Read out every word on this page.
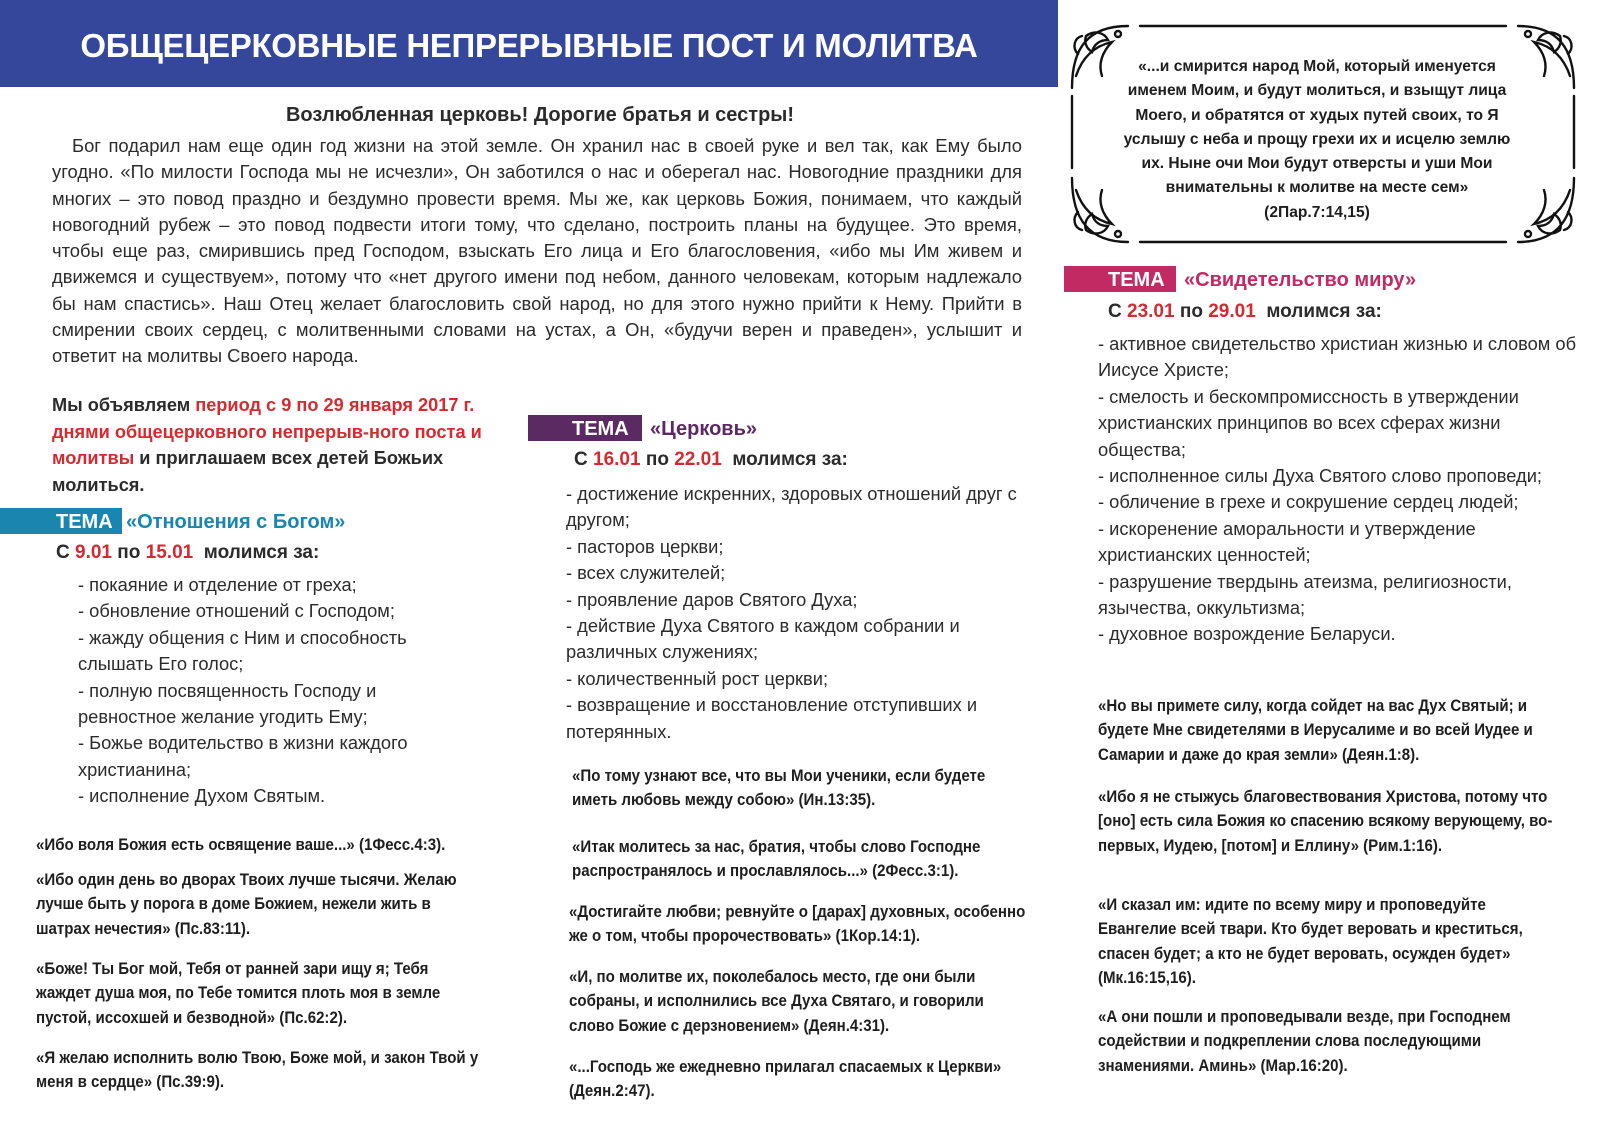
ОБЩЕЦЕРКОВНЫЕ НЕПРЕРЫВНЫЕ ПОСТ И МОЛИТВА
Возлюбленная церковь! Дорогие братья и сестры!

Бог подарил нам еще один год жизни на этой земле. Он хранил нас в своей руке и вел так, как Ему было угодно. «По милости Господа мы не исчезли», Он заботился о нас и оберегал нас. Новогодние праздники для многих – это повод праздно и бездумно провести время. Мы же, как церковь Божия, понимаем, что каждый новогодний рубеж – это повод подвести итоги тому, что сделано, построить планы на будущее. Это время, чтобы еще раз, смирившись пред Господом, взыскать Его лица и Его благословения, «ибо мы Им живем и движемся и существуем», потому что «нет другого имени под небом, данного человекам, которым надлежало бы нам спастись». Наш Отец желает благословить свой народ, но для этого нужно прийти к Нему. Прийти в смирении своих сердец, с молитвенными словами на устах, а Он, «будучи верен и праведен», услышит и ответит на молитвы Своего народа.

Мы объявляем период с 9 по 29 января 2017 г. днями общецерковного непрерыв-ного поста и молитвы и приглашаем всех детей Божьих молиться.
ТЕМА «Отношения с Богом»
С 9.01 по 15.01 молимся за:
- покаяние и отделение от греха;
- обновление отношений с Господом;
- жажду общения с Ним и способность слышать Его голос;
- полную посвященность Господу и ревностное желание угодить Ему;
- Божье водительство в жизни каждого христианина;
- исполнение Духом Святым.
«Ибо воля Божия есть освящение ваше...» (1Фесс.4:3).
«Ибо один день во дворах Твоих лучше тысячи. Желаю лучше быть у порога в доме Божием, нежели жить в шатрах нечестия» (Пс.83:11).
«Боже! Ты Бог мой, Тебя от ранней зари ищу я; Тебя жаждет душа моя, по Тебе томится плоть моя в земле пустой, иссохшей и безводной» (Пс.62:2).
«Я желаю исполнить волю Твою, Боже мой, и закон Твой у меня в сердце» (Пс.39:9).
ТЕМА «Церковь»
С 16.01 по 22.01 молимся за:
- достижение искренних, здоровых отношений друг с другом;
- пасторов церкви;
- всех служителей;
- проявление даров Святого Духа;
- действие Духа Святого в каждом собрании и различных служениях;
- количественный рост церкви;
- возвращение и восстановление отступивших и потерянных.
«По тому узнают все, что вы Мои ученики, если будете иметь любовь между собою» (Ин.13:35).
«Итак молитесь за нас, братия, чтобы слово Господне распространялось и прославлялось...» (2Фесс.3:1).
«Достигайте любви; ревнуйте о [дарах] духовных, особенно же о том, чтобы пророчествовать» (1Кор.14:1).
«И, по молитве их, поколебалось место, где они были собраны, и исполнились все Духа Святаго, и говорили слово Божие с дерзновением» (Деян.4:31).
«...Господь же ежедневно прилагал спасаемых к Церкви» (Деян.2:47).
«...и смирится народ Мой, который именуется именем Моим, и будут молиться, и взыщут лица Моего, и обратятся от худых путей своих, то Я услышу с неба и прощу грехи их и исцелю землю их. Ныне очи Мои будут отверсты и уши Мои внимательны к молитве на месте сем» (2Пар.7:14,15)
ТЕМА «Свидетельство миру»
С 23.01 по 29.01 молимся за:
- активное свидетельство христиан жизнью и словом об Иисусе Христе;
- смелость и бескомпромиссность в утверждении христианских принципов во всех сферах жизни общества;
- исполненное силы Духа Святого слово проповеди;
- обличение в грехе и сокрушение сердец людей;
- искоренение аморальности и утверждение христианских ценностей;
- разрушение твердынь атеизма, религиозности, язычества, оккультизма;
- духовное возрождение Беларуси.
«Но вы примете силу, когда сойдет на вас Дух Святый; и будете Мне свидетелями в Иерусалиме и во всей Иудее и Самарии и даже до края земли» (Деян.1:8).
«Ибо я не стыжусь благовествования Христова, потому что [оно] есть сила Божия ко спасению всякому верующему, во-первых, Иудею, [потом] и Еллину» (Рим.1:16).
«И сказал им: идите по всему миру и проповедуйте Евангелие всей твари. Кто будет веровать и креститься, спасен будет; а кто не будет веровать, осужден будет» (Мк.16:15,16).
«А они пошли и проповедывали везде, при Господнем содействии и подкреплении слова последующими знамениями. Аминь» (Мар.16:20).
